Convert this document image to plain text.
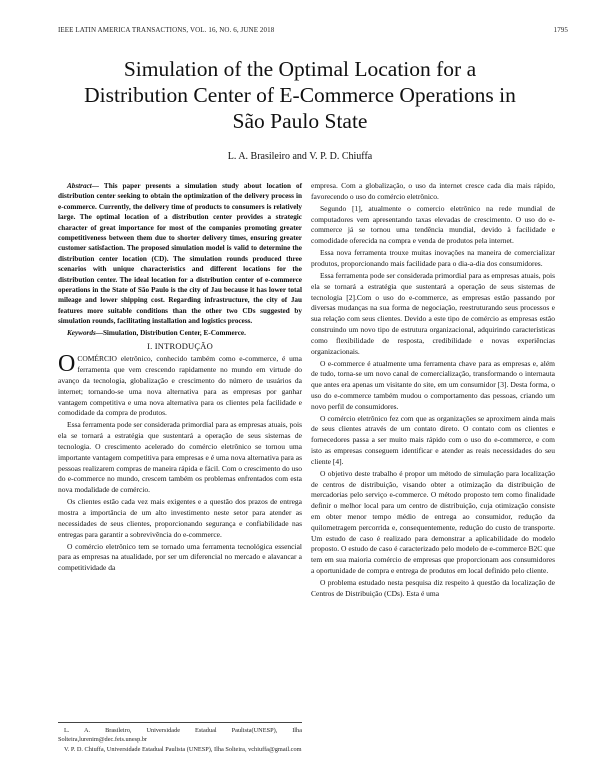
IEEE LATIN AMERICA TRANSACTIONS, VOL. 16, NO. 6, JUNE 2018	1795
Simulation of the Optimal Location for a
Distribution Center of E-Commerce Operations in
São Paulo State
L. A. Brasileiro and V. P. D. Chiuffa

Abstract— This paper presents a simulation study about location of distribution center seeking to obtain the optimization of the delivery process in e-commerce. Currently, the delivery time of products to consumers is relatively large. The optimal location of a distribution center provides a strategic character of great importance for most of the companies promoting greater competitiveness between them due to shorter delivery times, ensuring greater customer satisfaction. The proposed simulation model is valid to determine the distribution center location (CD). The simulation rounds produced three scenarios with unique characteristics and different locations for the distribution center. The ideal location for a distribution center of e-commerce operations in the State of São Paulo is the city of Jau because it has lower total mileage and lower shipping cost. Regarding infrastructure, the city of Jau features more suitable conditions than the other two CDs suggested by simulation rounds, facilitating installation and logistics process.

Keywords—Simulation, Distribution Center, E-Commerce.

I. INTRODUÇÃO

OCOMÉRCIO eletrônico, conhecido também como e-commerce, é uma ferramenta que vem crescendo rapidamente no mundo em virtude do avanço da tecnologia, globalização e crescimento do número de usuários da internet; tornando-se uma nova alternativa para as empresas por ganhar vantagem competitiva e uma nova alternativa para os clientes pela facilidade e comodidade da compra de produtos.

Essa ferramenta pode ser considerada primordial para as empresas atuais, pois ela se tornará a estratégia que sustentará a operação de seus sistemas de tecnologia. O crescimento acelerado do comércio eletrônico se tornou uma importante vantagem competitiva para empresas e é uma nova alternativa para as pessoas realizarem compras de maneira rápida e fácil. Com o crescimento do uso do e-commerce no mundo, crescem também os problemas enfrentados com esta nova modalidade de comércio.

Os clientes estão cada vez mais exigentes e a questão dos prazos de entrega mostra a importância de um alto investimento neste setor para atender as necessidades de seus clientes, proporcionando segurança e confiabilidade nas entregas para garantir a sobrevivência do e-commerce.

O comércio eletrônico tem se tornado uma ferramenta tecnológica essencial para as empresas na atualidade, por ser um diferencial no mercado e alavancar a competitividade da

L. A. Brasileiro, Universidade Estadual Paulista(UNESP), Ilha Solteira,lurenim@dec.feis.unesp.br

V. P. D. Chiuffa, Universidade Estadual Paulista (UNESP), Ilha Solteira, vchiuffa@gmail.com

empresa. Com a globalização, o uso da internet cresce cada dia mais rápido, favorecendo o uso do comércio eletrônico.

Segundo [1], atualmente o comercio eletrônico na rede mundial de computadores vem apresentando taxas elevadas de crescimento. O uso do e-commerce já se tornou uma tendência mundial, devido à facilidade e comodidade oferecida na compra e venda de produtos pela internet.

Essa nova ferramenta trouxe muitas inovações na maneira de comercializar produtos, proporcionando mais facilidade para o dia-a-dia dos consumidores.

Essa ferramenta pode ser considerada primordial para as empresas atuais, pois ela se tornará a estratégia que sustentará a operação de seus sistemas de tecnologia [2].Com o uso do e-commerce, as empresas estão passando por diversas mudanças na sua forma de negociação, reestruturando seus processos e sua relação com seus clientes. Devido a este tipo de comércio as empresas estão construindo um novo tipo de estrutura organizacional, adquirindo características como flexibilidade de resposta, credibilidade e novas experiências organizacionais.

O e-commerce é atualmente uma ferramenta chave para as empresas e, além de tudo, torna-se um novo canal de comercialização, transformando o internauta que antes era apenas um visitante do site, em um consumidor [3]. Desta forma, o uso do e-commerce também mudou o comportamento das pessoas, criando um novo perfil de consumidores.

O comércio eletrônico fez com que as organizações se aproximem ainda mais de seus clientes através de um contato direto. O contato com os clientes e fornecedores passa a ser muito mais rápido com o uso do e-commerce, e com isto as empresas conseguem identificar e atender as reais necessidades do seu cliente [4].

O objetivo deste trabalho é propor um método de simulação para localização de centros de distribuição, visando obter a otimização da distribuição de mercadorias pelo serviço e-commerce. O método proposto tem como finalidade definir o melhor local para um centro de distribuição, cuja otimização consiste em obter menor tempo médio de entrega ao consumidor, redução da quilometragem percorrida e, consequentemente, redução do custo de transporte. Um estudo de caso é realizado para demonstrar a aplicabilidade do modelo proposto. O estudo de caso é caracterizado pelo modelo de e-commerce B2C que tem em sua maioria comércio de empresas que proporcionam aos consumidores a oportunidade de compra e entrega de produtos em local definido pelo cliente.

O problema estudado nesta pesquisa diz respeito à questão da localização de Centros de Distribuição (CDs). Esta é uma
